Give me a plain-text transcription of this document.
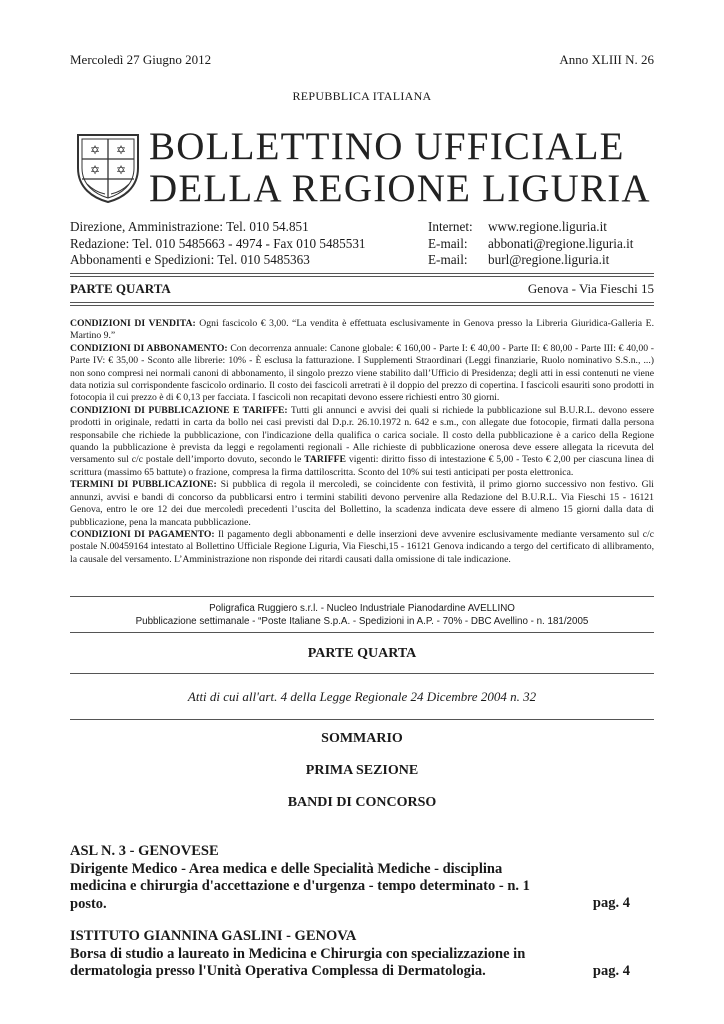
Mercoledì 27 Giugno 2012	Anno XLIII N. 26
REPUBBLICA ITALIANA
✡ ✡
✡ ✡
BOLLETTINO UFFICIALE
DELLA REGIONE LIGURIA
Direzione, Amministrazione: Tel. 010 54.851
Redazione: Tel. 010 5485663 - 4974 - Fax 010 5485531
Abbonamenti e Spedizioni: Tel. 010 5485363
Internet:	www.regione.liguria.it
E-mail:	abbonati@regione.liguria.it
E-mail:	burl@regione.liguria.it
PARTE QUARTA	Genova - Via Fieschi 15

CONDIZIONI DI VENDITA: Ogni fascicolo € 3,00. “La vendita è effettuata esclusivamente in Genova presso la Libreria Giuridica-Galleria E. Martino 9.”

CONDIZIONI DI ABBONAMENTO: Con decorrenza annuale: Canone globale: € 160,00 - Parte I: € 40,00 - Parte II: € 80,00 - Parte III: € 40,00 - Parte IV: € 35,00 - Sconto alle librerie: 10% - È esclusa la fatturazione. I Supplementi Straordinari (Leggi finanziarie, Ruolo nominativo S.S.n., ...) non sono compresi nei normali canoni di abbonamento, il singolo prezzo viene stabilito dall’Ufficio di Presidenza; degli atti in essi contenuti ne viene data notizia sul corrispondente fascicolo ordinario. Il costo dei fascicoli arretrati è il doppio del prezzo di copertina. I fascicoli esauriti sono prodotti in fotocopia il cui prezzo è di € 0,13 per facciata. I fascicoli non recapitati devono essere richiesti entro 30 giorni.

CONDIZIONI DI PUBBLICAZIONE E TARIFFE: Tutti gli annunci e avvisi dei quali si richiede la pubblicazione sul B.U.R.L. devono essere prodotti in originale, redatti in carta da bollo nei casi previsti dal D.p.r. 26.10.1972 n. 642 e s.m., con allegate due fotocopie, firmati dalla persona responsabile che richiede la pubblicazione, con l'indicazione della qualifica o carica sociale. Il costo della pubblicazione è a carico della Regione quando la pubblicazione è prevista da leggi e regolamenti regionali - Alle richieste di pubblicazione onerosa deve essere allegata la ricevuta del versamento sul c/c postale dell’importo dovuto, secondo le TARIFFE vigenti: diritto fisso di intestazione € 5,00 - Testo € 2,00 per ciascuna linea di scrittura (massimo 65 battute) o frazione, compresa la firma dattiloscritta. Sconto del 10% sui testi anticipati per posta elettronica.

TERMINI DI PUBBLICAZIONE: Si pubblica di regola il mercoledì, se coincidente con festività, il primo giorno successivo non festivo. Gli annunzi, avvisi e bandi di concorso da pubblicarsi entro i termini stabiliti devono pervenire alla Redazione del B.U.R.L. Via Fieschi 15 - 16121 Genova, entro le ore 12 dei due mercoledì precedenti l’uscita del Bollettino, la scadenza indicata deve essere di almeno 15 giorni dalla data di pubblicazione, pena la mancata pubblicazione.

CONDIZIONI DI PAGAMENTO: Il pagamento degli abbonamenti e delle inserzioni deve avvenire esclusivamente mediante versamento sul c/c postale N.00459164 intestato al Bollettino Ufficiale Regione Liguria, Via Fieschi,15 - 16121 Genova indicando a tergo del certificato di allibramento, la causale del versamento. L’Amministrazione non risponde dei ritardi causati dalla omissione di tale indicazione.

Poligrafica Ruggiero s.r.l. - Nucleo Industriale Pianodardine AVELLINO
Pubblicazione settimanale - “Poste Italiane S.p.A. - Spedizioni in A.P. - 70% - DBC Avellino - n. 181/2005
PARTE QUARTA
Atti di cui all'art. 4 della Legge Regionale 24 Dicembre 2004 n. 32
SOMMARIO
PRIMA SEZIONE
BANDI DI CONCORSO
ASL N. 3 - GENOVESE
Dirigente Medico - Area medica e delle Specialità Mediche - disciplina medicina e chirurgia d'accettazione e d'urgenza - tempo determinato - n. 1 posto.	pag. 4
ISTITUTO GIANNINA GASLINI - GENOVA
Borsa di studio a laureato in Medicina e Chirurgia con specializzazione in dermatologia presso l'Unità Operativa Complessa di Dermatologia.	pag. 4
